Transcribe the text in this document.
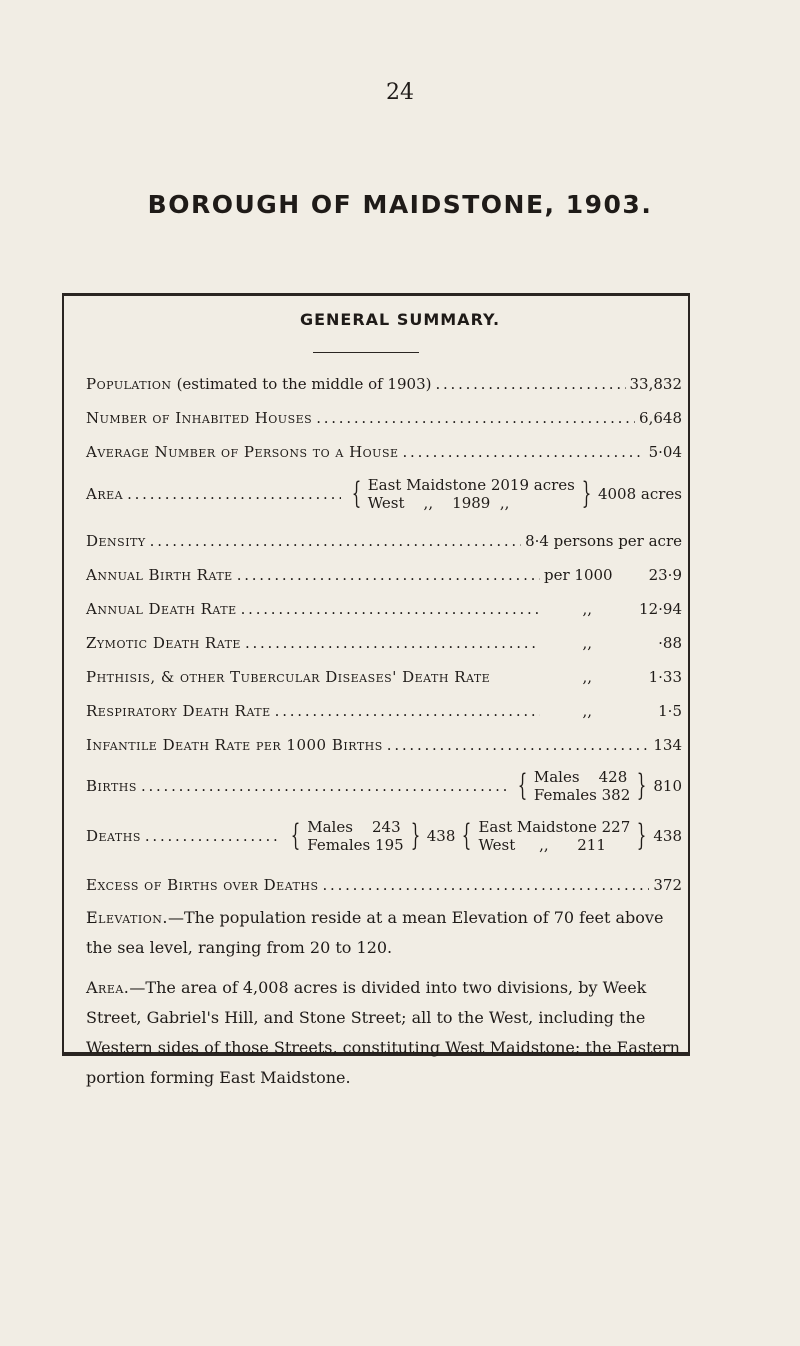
24
BOROUGH OF MAIDSTONE, 1903.
GENERAL SUMMARY.
Population (estimated to the middle of 1903) . . .	33,832
Number of Inhabited Houses . . .	6,648
Average Number of Persons to a House . . .	5·04
Area . . .	{ East Maidstone 2019 acres
West    ,,    1989  ,, } 4008 acres
Density . . .	8·4 persons per acre
Annual Birth Rate . . .	per 1000	23·9
Annual Death Rate . . .	,,	12·94
Zymotic Death Rate . . .	,,	·88
Phthisis, & other Tubercular Diseases' Death Rate	,,	1·33
Respiratory Death Rate . . .	,,	1·5
Infantile Death Rate per 1000 Births . . .	134
Births . . .	{ Males    428
Females 382 } 810
Deaths . . .	{ Males    243
Females 195 } 438 { East Maidstone 227
West     ,,      211 } 438
Excess of Births over Deaths . . .	372
Elevation.—The population reside at a mean Elevation of 70 feet above the sea level, ranging from 20 to 120.
Area.—The area of 4,008 acres is divided into two divisions, by Week Street, Gabriel's Hill, and Stone Street; all to the West, including the Western sides of those Streets, constituting West Maidstone; the Eastern portion forming East Maidstone.
